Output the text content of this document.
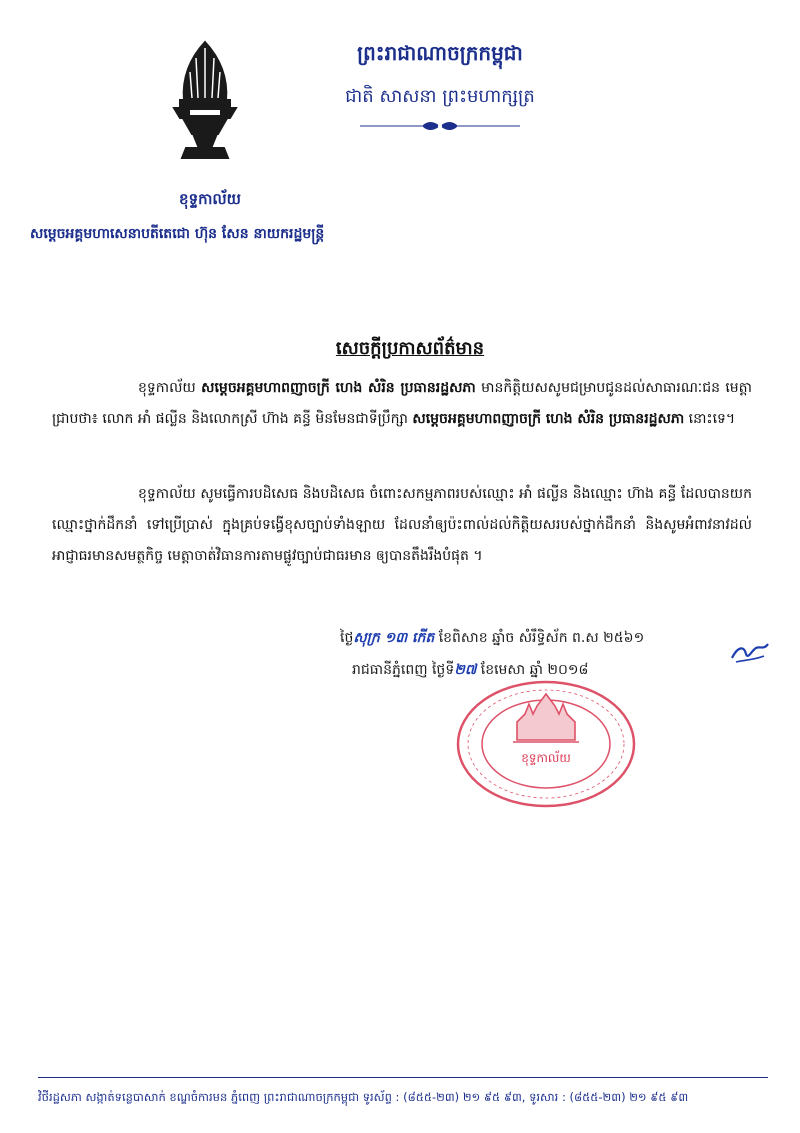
ខុទ្ទកាល័យ
សម្តេចអគ្គមហាសេនាបតីតេជោ ហ៊ុន សែន នាយករដ្ឋមន្ត្រី
ព្រះរាជាណាចក្រកម្ពុជា
ជាតិ សាសនា ព្រះមហាក្សត្រ
សេចក្តីប្រកាសព័ត៌មាន
ខុទ្ទកាល័យ សម្តេចអគ្គមហាពញាចក្រី ហេង សំរិន ប្រធានរដ្ឋសភា មានកិត្តិយសសូមជម្រាបជូនដល់សាធារណៈជន មេត្តាជ្រាបថា៖ លោក អាំ ផល្លីន និងលោកស្រី ហ៊ាង គន្ធី មិនមែនជាទីប្រឹក្សា សម្តេចអគ្គមហាពញាចក្រី ហេង សំរិន ប្រធានរដ្ឋសភា នោះទេ។
ខុទ្ទកាល័យ សូមធ្វើការបដិសេធ និងបដិសេធ ចំពោះសកម្មភាពរបស់ឈ្មោះ អាំ ផល្លីន និងឈ្មោះ ហ៊ាង គន្ធី ដែលបានយកឈ្មោះថ្នាក់ដឹកនាំ ទៅប្រើប្រាស់ ក្នុងគ្រប់ទង្វើខុសច្បាប់ទាំងឡាយ ដែលនាំឲ្យប៉ះពាល់ដល់កិត្តិយសរបស់ថ្នាក់ដឹកនាំ និងសូមអំពាវនាវដល់អាជ្ញាធរមានសមត្ថកិច្ច មេត្តាចាត់វិធានការតាមផ្លូវច្បាប់ជាធរមាន ឲ្យបានតឹងរឹងបំផុត ។
ថ្ងៃសុក្រ ១៣ កើត ខែពិសាខ ឆ្នាំច សំរឹទ្ធិស័ក ព.ស ២៥៦១
រាជធានីភ្នំពេញ ថ្ងៃទី២៧ ខែមេសា ឆ្នាំ ២០១៨
ខុទ្ទកាល័យ
វិថីរដ្ឋសភា សង្កាត់ទន្លេបាសាក់ ខណ្ឌចំការមន ភ្នំពេញ ព្រះរាជាណាចក្រកម្ពុជា ទូរស័ព្ទ : (៨៥៥-២៣) ២១ ៩៥ ៩៣, ទូរសារ : (៨៥៥-២៣) ២១ ៩៥ ៩៣
